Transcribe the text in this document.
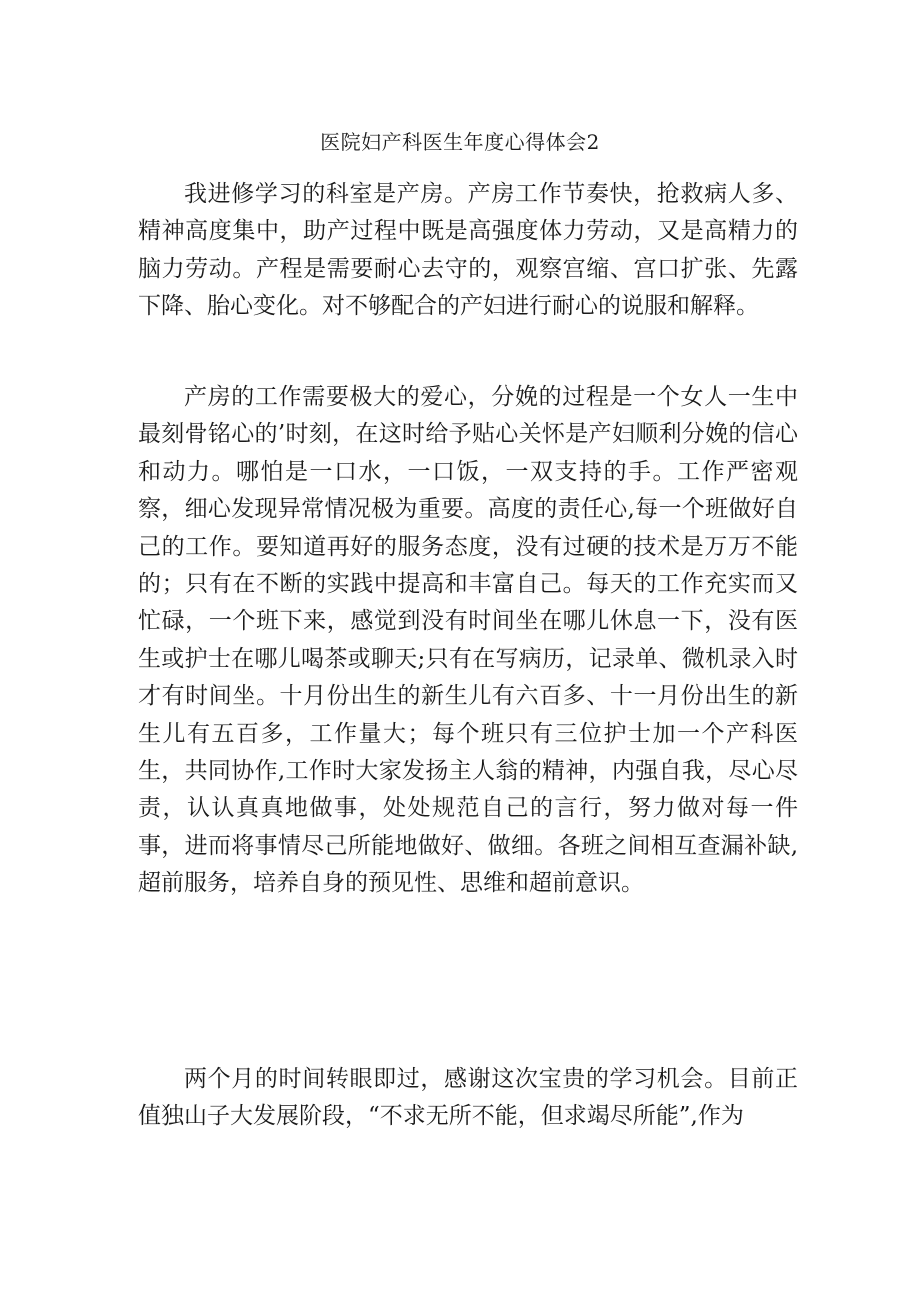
医院妇产科医生年度心得体会2

我进修学习的科室是产房。产房工作节奏快，抢救病人多、精神高度集中，助产过程中既是高强度体力劳动，又是高精力的脑力劳动。产程是需要耐心去守的，观察宫缩、宫口扩张、先露下降、胎心变化。对不够配合的产妇进行耐心的说服和解释。

产房的工作需要极大的爱心，分娩的过程是一个女人一生中最刻骨铭心的’时刻，在这时给予贴心关怀是产妇顺利分娩的信心和动力。哪怕是一口水，一口饭，一双支持的手。工作严密观察，细心发现异常情况极为重要。高度的责任心,每一个班做好自己的工作。要知道再好的服务态度，没有过硬的技术是万万不能的；只有在不断的实践中提高和丰富自己。每天的工作充实而又忙碌，一个班下来，感觉到没有时间坐在哪儿休息一下，没有医生或护士在哪儿喝茶或聊天;只有在写病历，记录单、微机录入时才有时间坐。十月份出生的新生儿有六百多、十一月份出生的新生儿有五百多，工作量大；每个班只有三位护士加一个产科医生，共同协作,工作时大家发扬主人翁的精神，内强自我，尽心尽责，认认真真地做事，处处规范自己的言行，努力做对每一件事，进而将事情尽己所能地做好、做细。各班之间相互查漏补缺,超前服务，培养自身的预见性、思维和超前意识。

两个月的时间转眼即过，感谢这次宝贵的学习机会。目前正值独山子大发展阶段，“不求无所不能，但求竭尽所能”,作为
